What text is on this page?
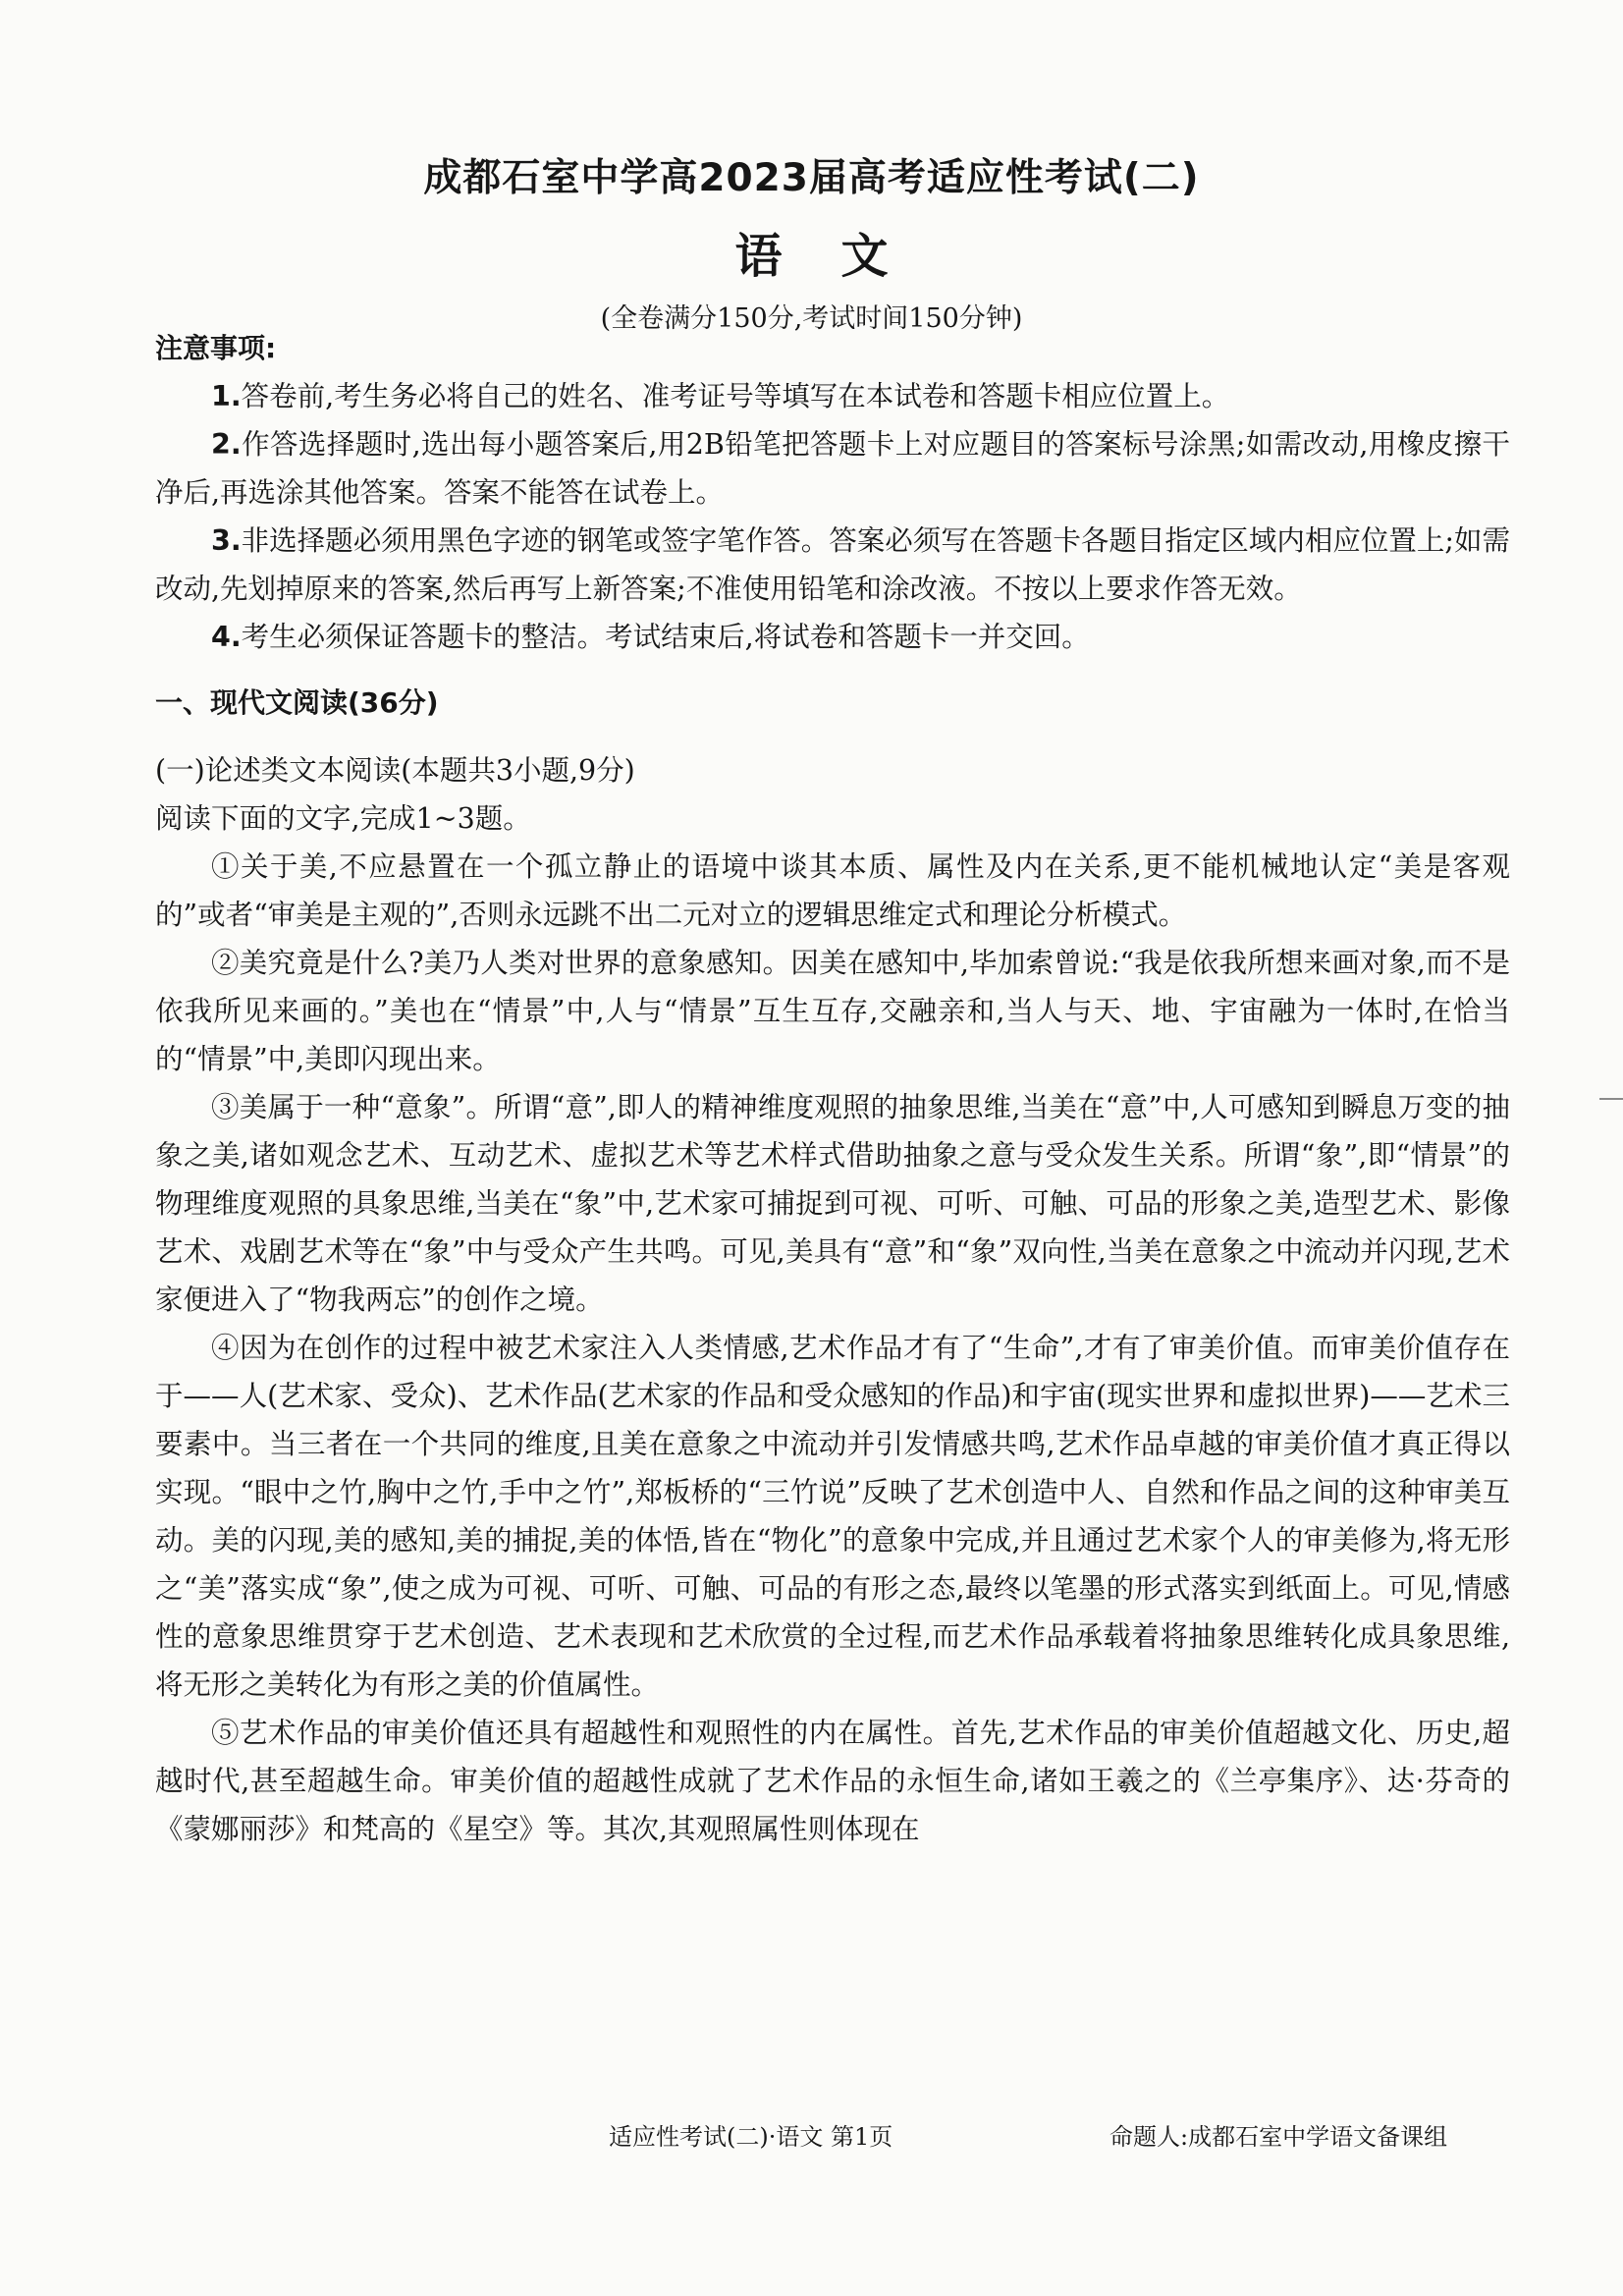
成都石室中学高2023届高考适应性考试(二)
语文
(全卷满分150分,考试时间150分钟)
注意事项:

1.答卷前,考生务必将自己的姓名、准考证号等填写在本试卷和答题卡相应位置上。

2.作答选择题时,选出每小题答案后,用2B铅笔把答题卡上对应题目的答案标号涂黑;如需改动,用橡皮擦干净后,再选涂其他答案。答案不能答在试卷上。

3.非选择题必须用黑色字迹的钢笔或签字笔作答。答案必须写在答题卡各题目指定区域内相应位置上;如需改动,先划掉原来的答案,然后再写上新答案;不准使用铅笔和涂改液。不按以上要求作答无效。

4.考生必须保证答题卡的整洁。考试结束后,将试卷和答题卡一并交回。

一、现代文阅读(36分)

(一)论述类文本阅读(本题共3小题,9分)

阅读下面的文字,完成1~3题。

①关于美,不应悬置在一个孤立静止的语境中谈其本质、属性及内在关系,更不能机械地认定“美是客观的”或者“审美是主观的”,否则永远跳不出二元对立的逻辑思维定式和理论分析模式。

②美究竟是什么?美乃人类对世界的意象感知。因美在感知中,毕加索曾说:“我是依我所想来画对象,而不是依我所见来画的。”美也在“情景”中,人与“情景”互生互存,交融亲和,当人与天、地、宇宙融为一体时,在恰当的“情景”中,美即闪现出来。

③美属于一种“意象”。所谓“意”,即人的精神维度观照的抽象思维,当美在“意”中,人可感知到瞬息万变的抽象之美,诸如观念艺术、互动艺术、虚拟艺术等艺术样式借助抽象之意与受众发生关系。所谓“象”,即“情景”的物理维度观照的具象思维,当美在“象”中,艺术家可捕捉到可视、可听、可触、可品的形象之美,造型艺术、影像艺术、戏剧艺术等在“象”中与受众产生共鸣。可见,美具有“意”和“象”双向性,当美在意象之中流动并闪现,艺术家便进入了“物我两忘”的创作之境。

④因为在创作的过程中被艺术家注入人类情感,艺术作品才有了“生命”,才有了审美价值。而审美价值存在于——人(艺术家、受众)、艺术作品(艺术家的作品和受众感知的作品)和宇宙(现实世界和虚拟世界)——艺术三要素中。当三者在一个共同的维度,且美在意象之中流动并引发情感共鸣,艺术作品卓越的审美价值才真正得以实现。“眼中之竹,胸中之竹,手中之竹”,郑板桥的“三竹说”反映了艺术创造中人、自然和作品之间的这种审美互动。美的闪现,美的感知,美的捕捉,美的体悟,皆在“物化”的意象中完成,并且通过艺术家个人的审美修为,将无形之“美”落实成“象”,使之成为可视、可听、可触、可品的有形之态,最终以笔墨的形式落实到纸面上。可见,情感性的意象思维贯穿于艺术创造、艺术表现和艺术欣赏的全过程,而艺术作品承载着将抽象思维转化成具象思维,将无形之美转化为有形之美的价值属性。

⑤艺术作品的审美价值还具有超越性和观照性的内在属性。首先,艺术作品的审美价值超越文化、历史,超越时代,甚至超越生命。审美价值的超越性成就了艺术作品的永恒生命,诸如王羲之的《兰亭集序》、达·芬奇的《蒙娜丽莎》和梵高的《星空》等。其次,其观照属性则体现在

适应性考试(二)·语文 第1页	命题人:成都石室中学语文备课组
